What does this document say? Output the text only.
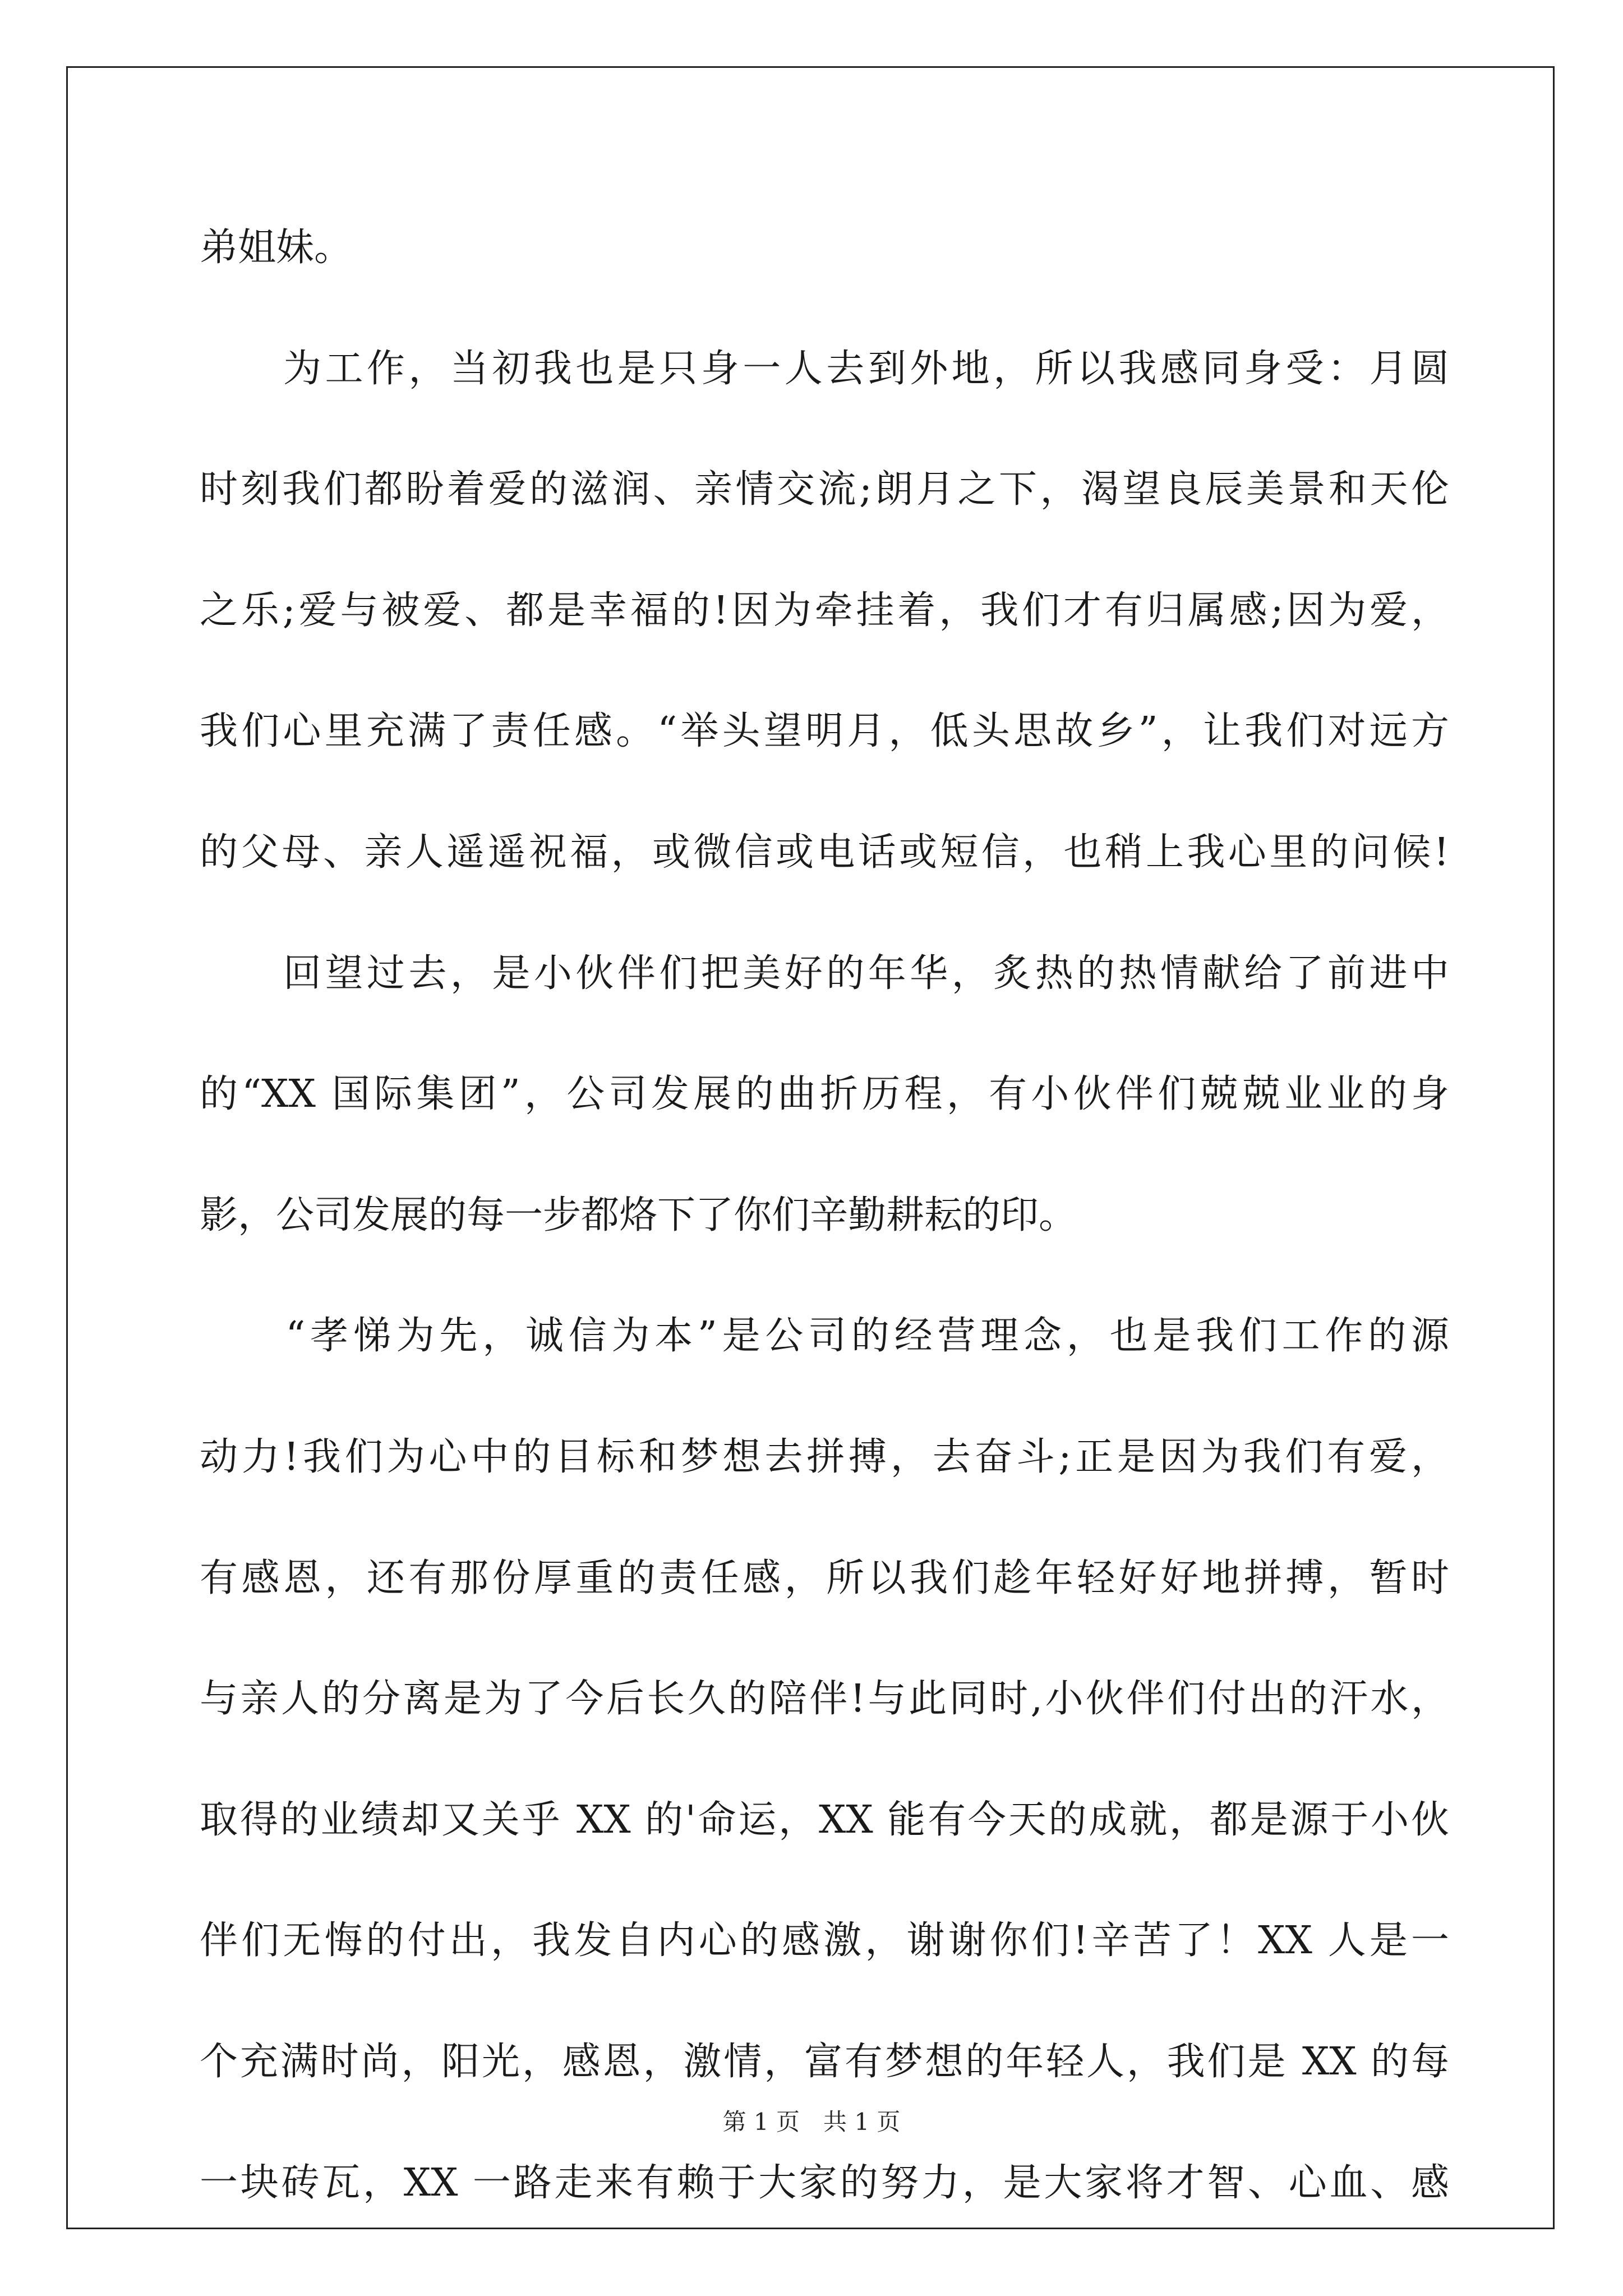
弟姐妹。
　　为工作，当初我也是只身一人去到外地，所以我感同身受：月圆
时刻我们都盼着爱的滋润、亲情交流;朗月之下，渴望良辰美景和天伦
之乐;爱与被爱、都是幸福的!因为牵挂着，我们才有归属感;因为爱，
我们心里充满了责任感。“举头望明月，低头思故乡”，让我们对远方
的父母、亲人遥遥祝福，或微信或电话或短信，也稍上我心里的问候!
　　回望过去，是小伙伴们把美好的年华，炙热的热情献给了前进中
的“XX 国际集团”，公司发展的曲折历程，有小伙伴们兢兢业业的身
影，公司发展的每一步都烙下了你们辛勤耕耘的印。
　　“孝悌为先，诚信为本”是公司的经营理念，也是我们工作的源
动力!我们为心中的目标和梦想去拼搏，去奋斗;正是因为我们有爱，
有感恩，还有那份厚重的责任感，所以我们趁年轻好好地拼搏，暂时
与亲人的分离是为了今后长久的陪伴!与此同时,小伙伴们付出的汗水，
取得的业绩却又关乎 XX 的'命运，XX 能有今天的成就，都是源于小伙
伴们无悔的付出，我发自内心的感激，谢谢你们!辛苦了！XX 人是一
个充满时尚，阳光，感恩，激情，富有梦想的年轻人，我们是 XX 的每
一块砖瓦，XX 一路走来有赖于大家的努力，是大家将才智、心血、感
第 1 页　共 1 页
